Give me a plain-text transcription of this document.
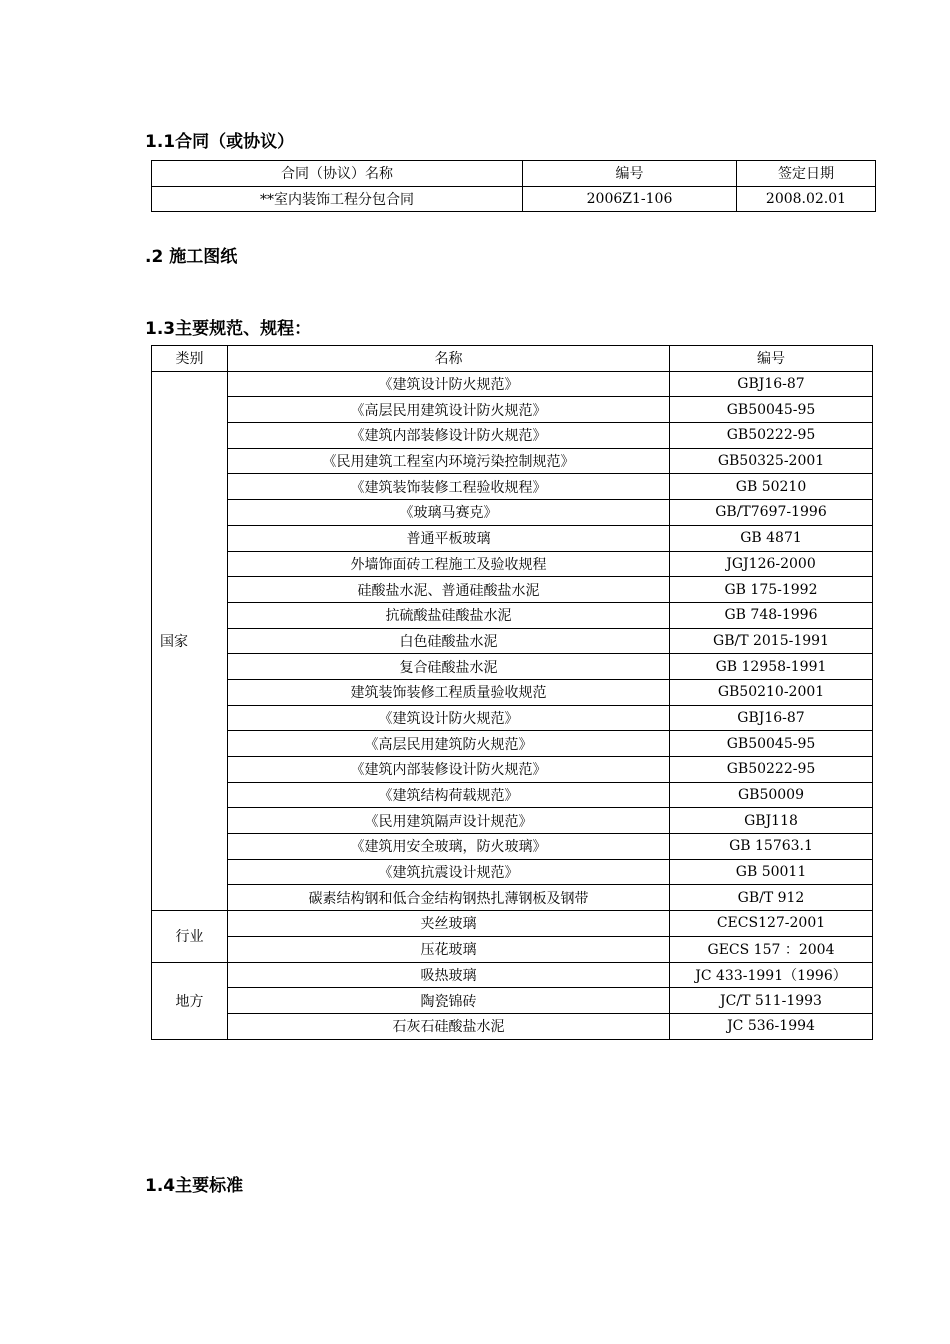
1.1合同（或协议）
合同（协议）名称	编号	签定日期
**室内装饰工程分包合同	2006Z1-106	2008.02.01
.2 施工图纸
1.3主要规范、规程：
类别	名称	编号
国家	《建筑设计防火规范》	GBJ16-87
	《高层民用建筑设计防火规范》	GB50045-95
	《建筑内部装修设计防火规范》	GB50222-95
	《民用建筑工程室内环境污染控制规范》	GB50325-2001
	《建筑装饰装修工程验收规程》	GB 50210
	《玻璃马赛克》	GB/T7697-1996
	普通平板玻璃	GB 4871
	外墙饰面砖工程施工及验收规程	JGJ126-2000
	硅酸盐水泥、普通硅酸盐水泥	GB 175-1992
	抗硫酸盐硅酸盐水泥	GB 748-1996
	白色硅酸盐水泥	GB/T 2015-1991
	复合硅酸盐水泥	GB 12958-1991
	建筑装饰装修工程质量验收规范	GB50210-2001
	《建筑设计防火规范》	GBJ16-87
	《高层民用建筑防火规范》	GB50045-95
	《建筑内部装修设计防火规范》	GB50222-95
	《建筑结构荷载规范》	GB50009
	《民用建筑隔声设计规范》	GBJ118
	《建筑用安全玻璃，防火玻璃》	GB 15763.1
	《建筑抗震设计规范》	GB 50011
	碳素结构钢和低合金结构钢热扎薄钢板及钢带	GB/T 912
行业	夹丝玻璃	CECS127-2001
	压花玻璃	GECS 157 ：2004
地方	吸热玻璃	JC 433-1991（1996）
	陶瓷锦砖	JC/T 511-1993
	石灰石硅酸盐水泥	JC 536-1994
1.4主要标准
